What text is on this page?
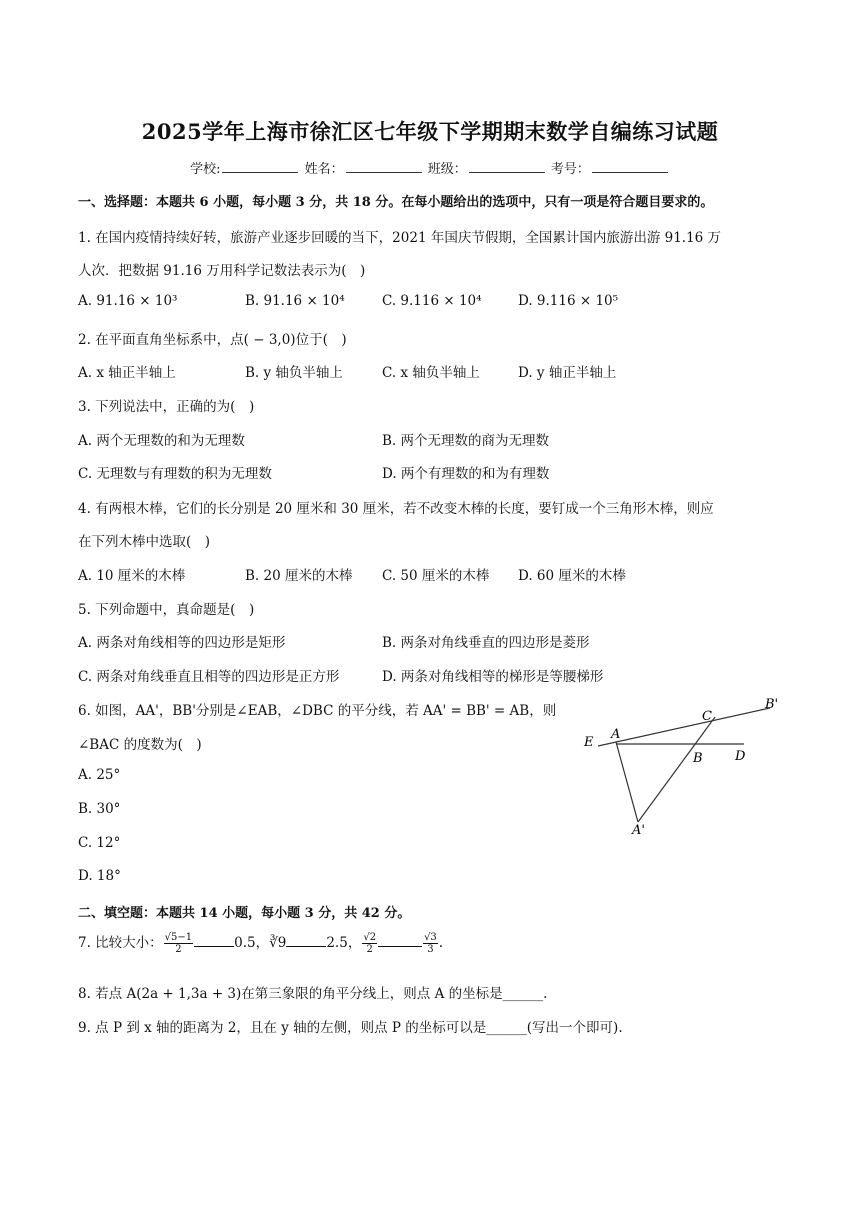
2025学年上海市徐汇区七年级下学期期末数学自编练习试题
学校:	姓名：	班级：	考号：
一、选择题：本题共 6 小题，每小题 3 分，共 18 分。在每小题给出的选项中，只有一项是符合题目要求的。
1. 在国内疫情持续好转，旅游产业逐步回暖的当下，2021 年国庆节假期，全国累计国内旅游出游 91.16 万
人次．把数据 91.16 万用科学记数法表示为(　)
A. 91.16 × 10³	B. 91.16 × 10⁴	C. 9.116 × 10⁴	D. 9.116 × 10⁵
2. 在平面直角坐标系中，点( − 3,0)位于(　)
A. x 轴正半轴上	B. y 轴负半轴上	C. x 轴负半轴上	D. y 轴正半轴上
3. 下列说法中，正确的为(　)
A. 两个无理数的和为无理数	B. 两个无理数的商为无理数
C. 无理数与有理数的积为无理数	D. 两个有理数的和为有理数
4. 有两根木棒，它们的长分别是 20 厘米和 30 厘米，若不改变木棒的长度，要钉成一个三角形木棒，则应
在下列木棒中选取(　)
A. 10 厘米的木棒	B. 20 厘米的木棒 C. 50 厘米的木棒 D. 60 厘米的木棒
5. 下列命题中，真命题是(　)
A. 两条对角线相等的四边形是矩形	B. 两条对角线垂直的四边形是菱形
C. 两条对角线垂直且相等的四边形是正方形	D. 两条对角线相等的梯形是等腰梯形
6. 如图，AA'，BB'分别是∠EAB，∠DBC 的平分线，若 AA' = BB' = AB，则
∠BAC 的度数为(　)
A. 25°
B. 30°
C. 12°
D. 18°
E
A
C
B'
B D
A'
二、填空题：本题共 14 小题，每小题 3 分，共 42 分。
7. 比较大小： $\frac{√5-1}{2}$	0.5，∛9	2.5， $\frac{√2}{2}$	$\frac{√3}{3}$ .
8. 若点 A(2a + 1,3a + 3)在第三象限的角平分线上，则点 A 的坐标是______.
9. 点 P 到 x 轴的距离为 2，且在 y 轴的左侧，则点 P 的坐标可以是______(写出一个即可).
